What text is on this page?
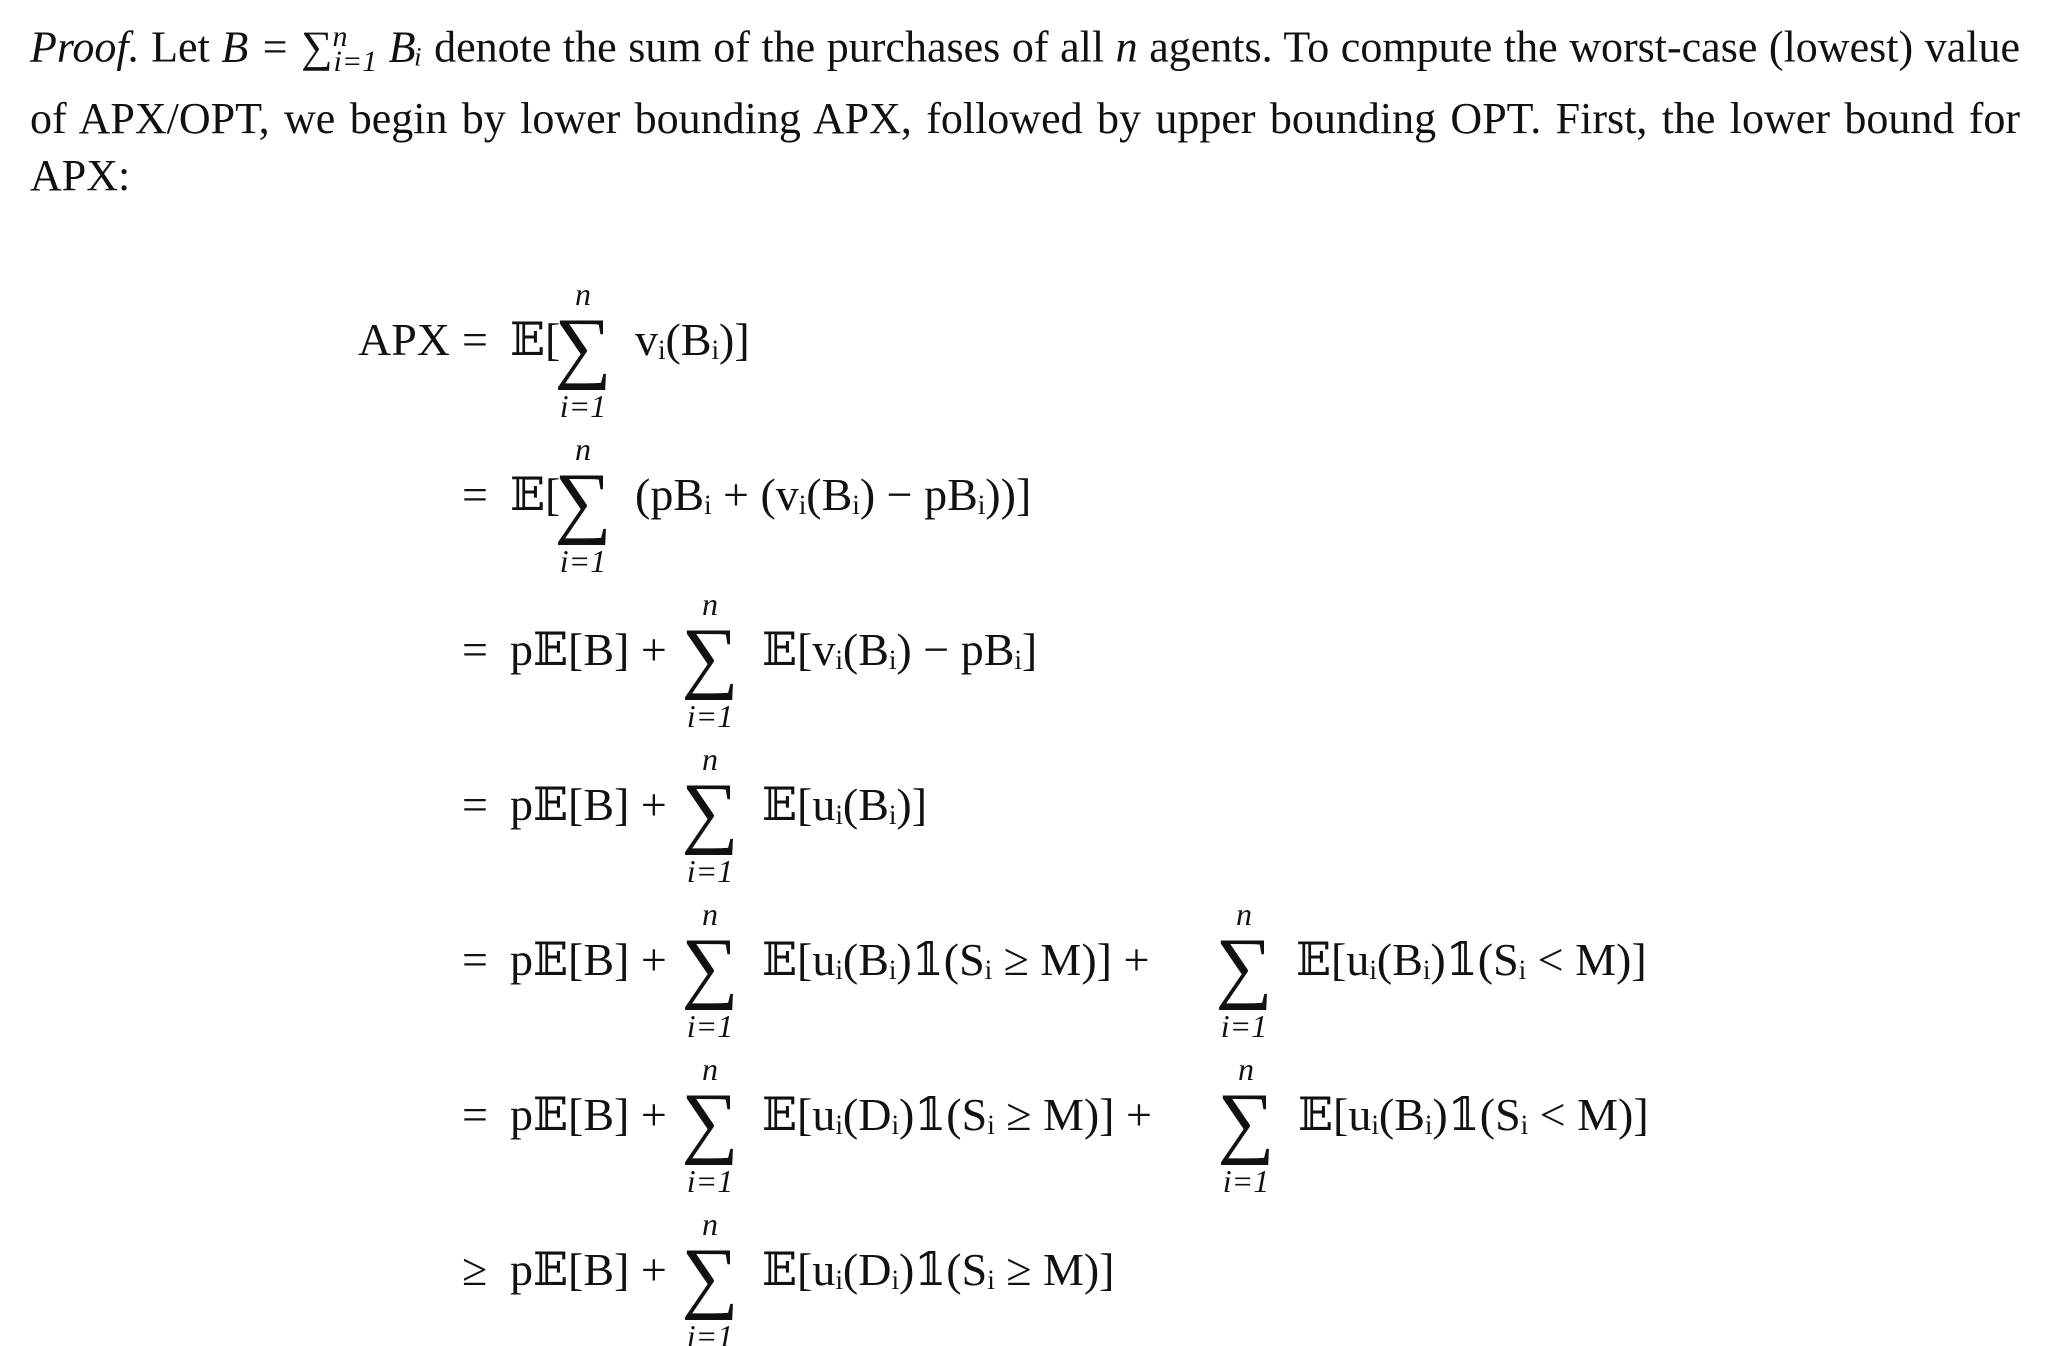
Proof. Let B = ∑$^n_{i=1}$ Bᵢ denote the sum of the purchases of all n agents. To compute the worst-case (lowest) value of APX/OPT, we begin by lower bounding APX, followed by upper bounding OPT. First, the lower bound for APX:
APX = 𝔼[ vᵢ(Bᵢ)]
∑
n
i=1
= 𝔼[ (pBᵢ + (vᵢ(Bᵢ) − pBᵢ))]
∑
n
i=1
= p𝔼[B] + 𝔼[vᵢ(Bᵢ) − pBᵢ]
∑
n
i=1
= p𝔼[B] + 𝔼[uᵢ(Bᵢ)]
∑
n
i=1
= p𝔼[B] + 𝔼[uᵢ(Bᵢ)𝟙(Sᵢ ≥ M)] +	𝔼[uᵢ(Bᵢ)𝟙(Sᵢ < M)]
∑
n
i=1
∑
n
i=1
= p𝔼[B] + 𝔼[uᵢ(Dᵢ)𝟙(Sᵢ ≥ M)] +	𝔼[uᵢ(Bᵢ)𝟙(Sᵢ < M)]
∑
n
i=1
∑
n
i=1
≥ p𝔼[B] + 𝔼[uᵢ(Dᵢ)𝟙(Sᵢ ≥ M)]
∑
n
i=1
